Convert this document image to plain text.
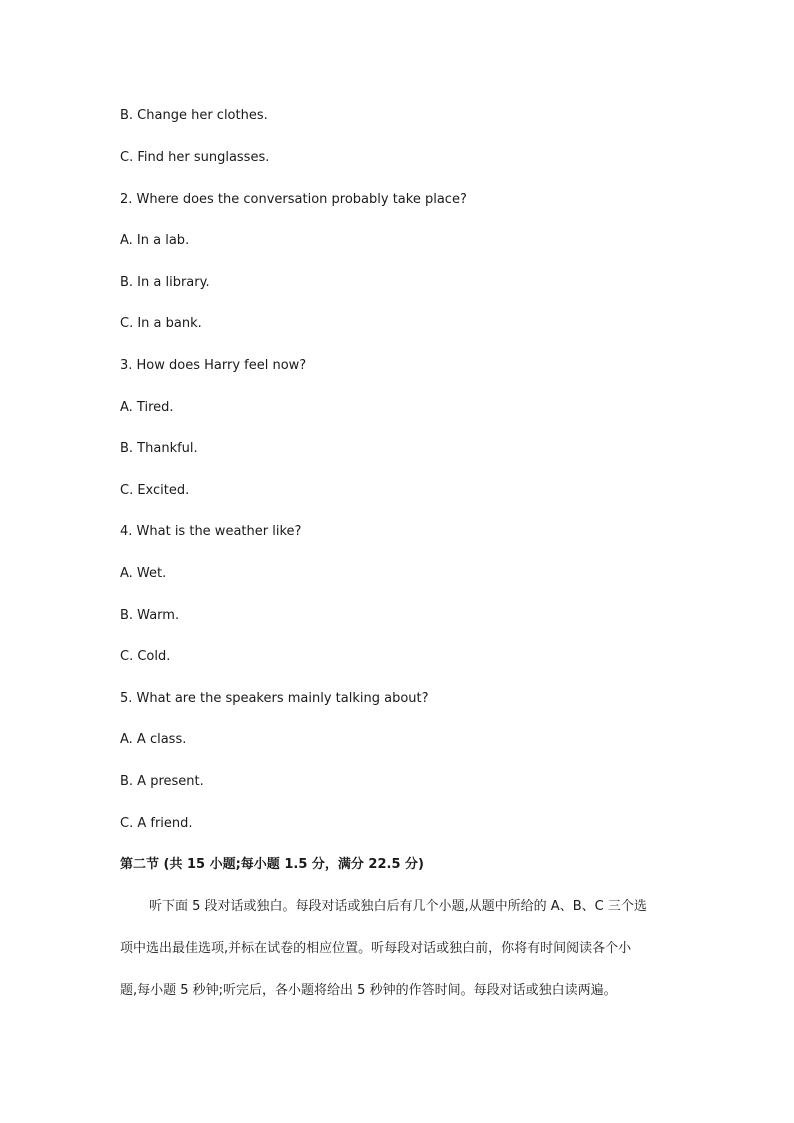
B. Change her clothes.
C. Find her sunglasses.
2. Where does the conversation probably take place?
A. In a lab.
B. In a library.
C. In a bank.
3. How does Harry feel now?
A. Tired.
B. Thankful.
C. Excited.
4. What is the weather like?
A. Wet.
B. Warm.
C. Cold.
5. What are the speakers mainly talking about?
A. A class.
B. A present.
C. A friend.
第二节 (共 15 小题;每小题 1.5 分，满分 22.5 分)
听下面 5 段对话或独白。每段对话或独白后有几个小题,从题中所给的 A、B、C 三个选
项中选出最佳选项,并标在试卷的相应位置。听每段对话或独白前，你将有时间阅读各个小
题,每小题 5 秒钟;听完后，各小题将给出 5 秒钟的作答时间。每段对话或独白读两遍。
